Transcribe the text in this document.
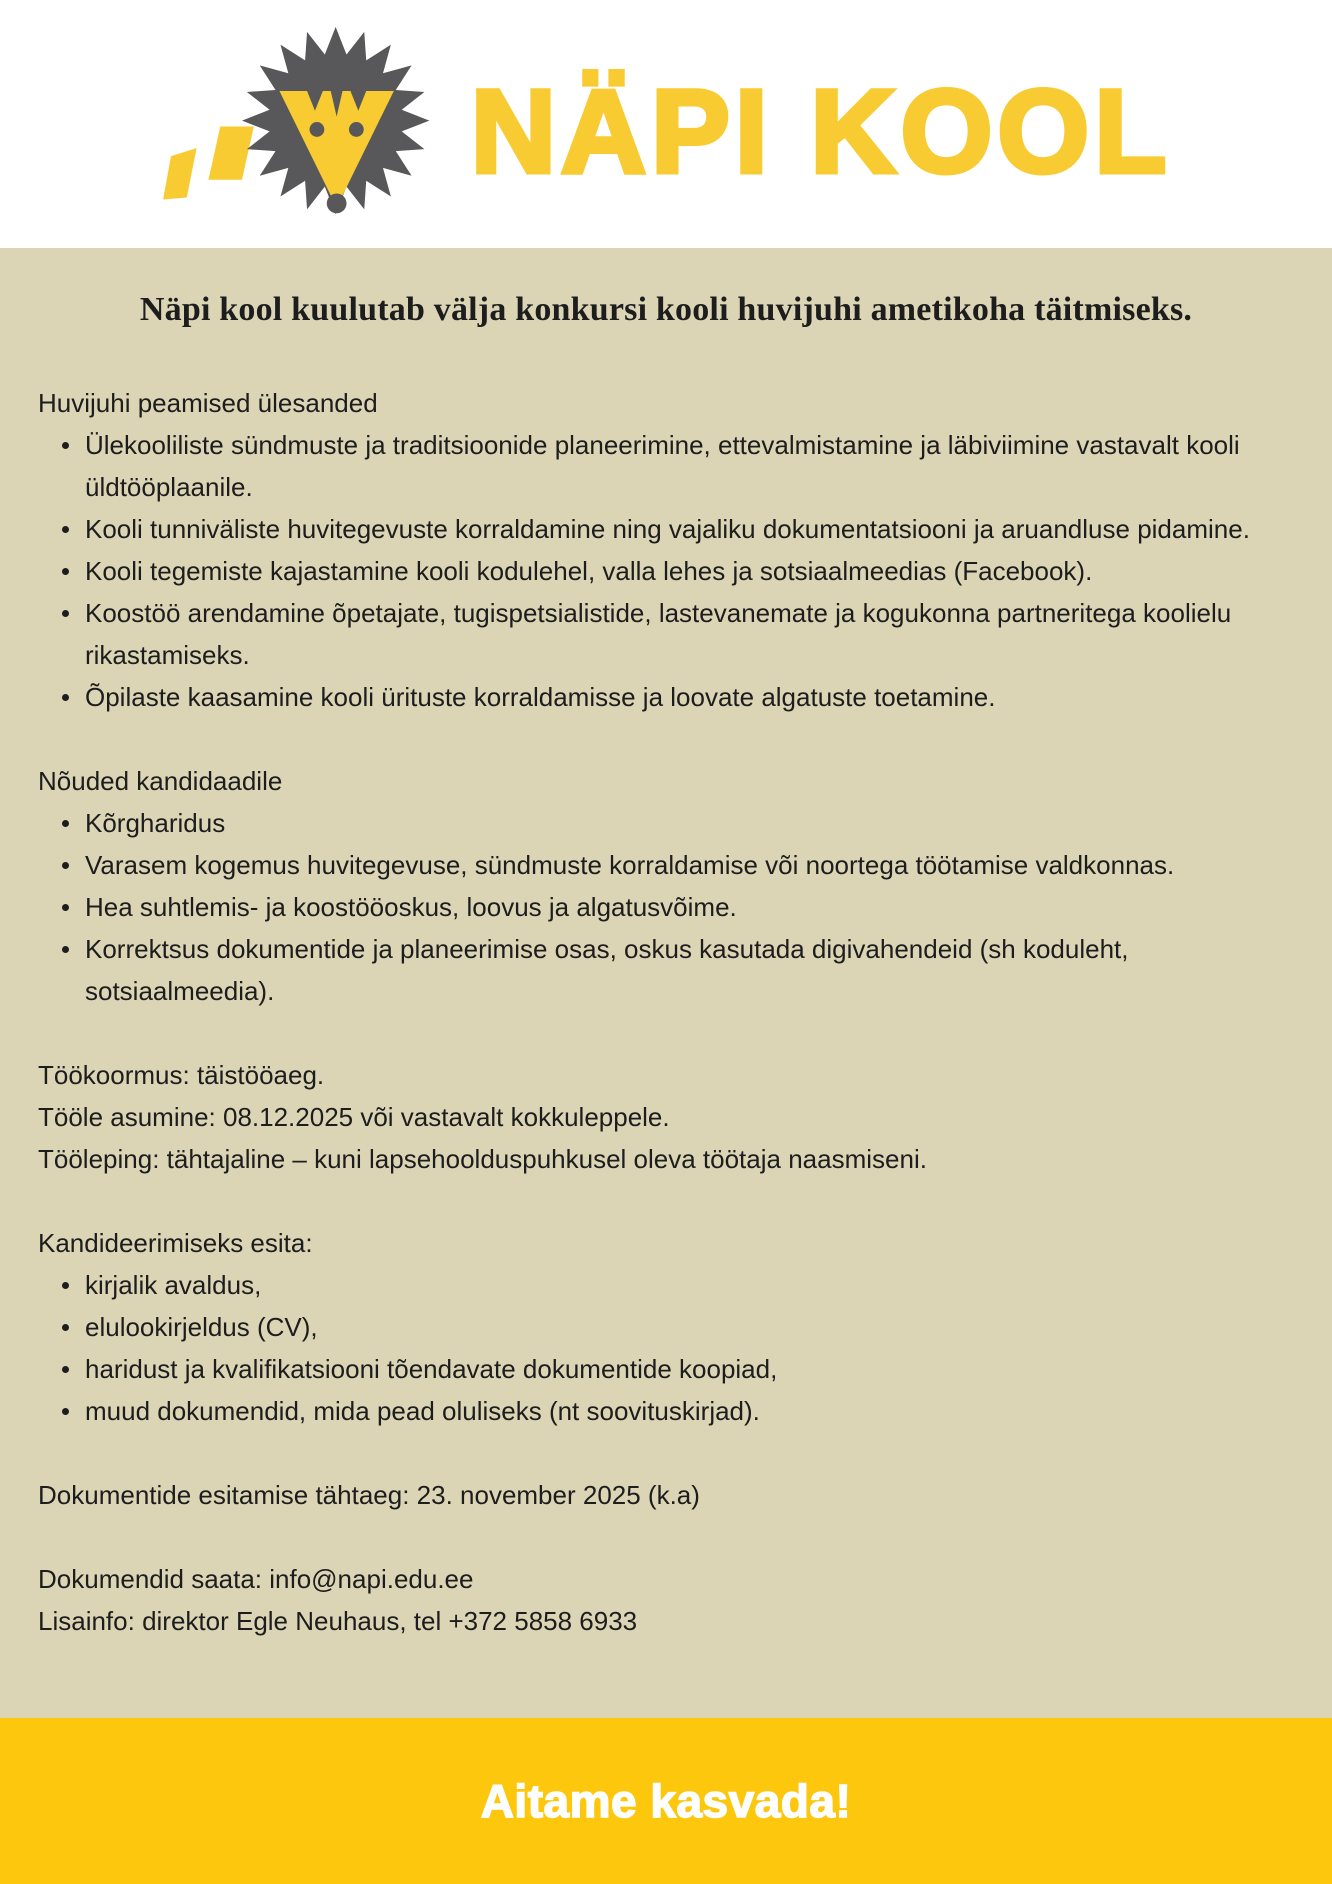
NÄPI KOOL
Näpi kool kuulutab välja konkursi kooli huvijuhi ametikoha täitmiseks.

Huvijuhi peamised ülesanded

Ülekooliliste sündmuste ja traditsioonide planeerimine, ettevalmistamine ja läbiviimine vastavalt kooli üldtööplaanile.
Kooli tunniväliste huvitegevuste korraldamine ning vajaliku dokumentatsiooni ja aruandluse pidamine.
Kooli tegemiste kajastamine kooli kodulehel, valla lehes ja sotsiaalmeedias (Facebook).
Koostöö arendamine õpetajate, tugispetsialistide, lastevanemate ja kogukonna partneritega koolielu rikastamiseks.
Õpilaste kaasamine kooli ürituste korraldamisse ja loovate algatuste toetamine.

Nõuded kandidaadile

Kõrgharidus
Varasem kogemus huvitegevuse, sündmuste korraldamise või noortega töötamise valdkonnas.
Hea suhtlemis- ja koostööoskus, loovus ja algatusvõime.
Korrektsus dokumentide ja planeerimise osas, oskus kasutada digivahendeid (sh koduleht, sotsiaalmeedia).

Töökoormus: täistööaeg.

Tööle asumine: 08.12.2025 või vastavalt kokkuleppele.

Tööleping: tähtajaline – kuni lapsehoolduspuhkusel oleva töötaja naasmiseni.

Kandideerimiseks esita:

kirjalik avaldus,
elulookirjeldus (CV),
haridust ja kvalifikatsiooni tõendavate dokumentide koopiad,
muud dokumendid, mida pead oluliseks (nt soovituskirjad).

Dokumentide esitamise tähtaeg: 23. november 2025 (k.a)

Dokumendid saata: info@napi.edu.ee

Lisainfo: direktor Egle Neuhaus, tel +372 5858 6933

Aitame kasvada!
